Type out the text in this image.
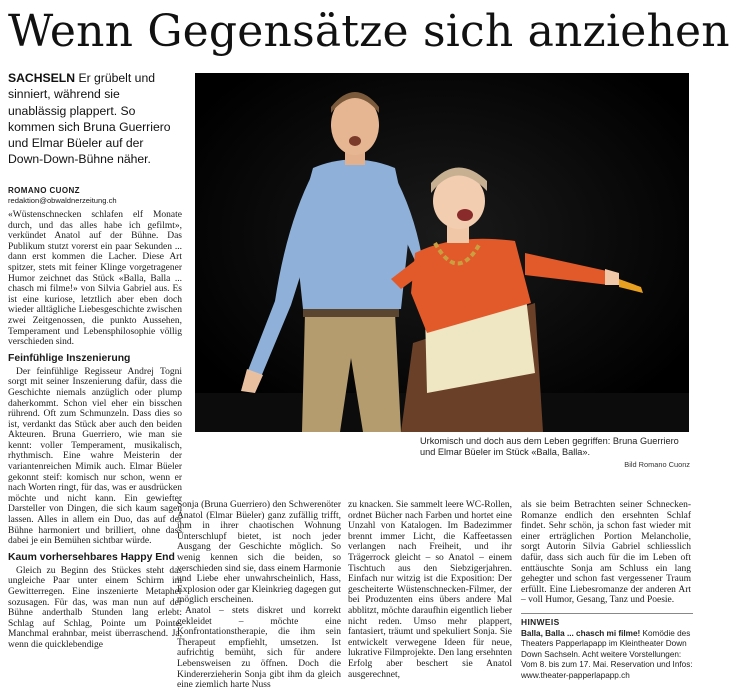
Wenn Gegensätze sich anziehen
SACHSELN Er grübelt und sinniert, während sie unablässig plappert. So kommen sich Bruna Guerriero und Elmar Büeler auf der Down-Down-Bühne näher.
ROMANO CUONZ
redaktion@obwaldnerzeitung.ch

«Wüstenschnecken schlafen elf Monate durch, und das alles habe ich gefilmt», verkündet Anatol auf der Bühne. Das Publikum stutzt vorerst ein paar Sekunden ... dann erst kommen die Lacher. Diese Art spitzer, stets mit feiner Klinge vorgetragener Humor zeichnet das Stück «Balla, Balla ... chasch mi filme!» von Silvia Gabriel aus. Es ist eine kuriose, letztlich aber eben doch wieder alltägliche Liebesgeschichte zwischen zwei Zeitgenossen, die punkto Aussehen, Temperament und Lebensphilosophie völlig verschieden sind.

Feinfühlige Inszenierung

Der feinfühlige Regisseur Andrej Togni sorgt mit seiner Inszenierung dafür, dass die Geschichte niemals anzüglich oder plump daherkommt. Schon viel eher ein bisschen rührend. Oft zum Schmunzeln. Dass dies so ist, verdankt das Stück aber auch den beiden Akteuren. Bruna Guerriero, wie man sie kennt: voller Temperament, musikalisch, rhythmisch. Eine wahre Meisterin der variantenreichen Mimik auch. Elmar Büeler gekonnt steif: komisch nur schon, wenn er nach Worten ringt, für das, was er ausdrücken möchte und nicht kann. Ein gewiefter Darsteller von Dingen, die sich kaum sagen lassen. Alles in allem ein Duo, das auf der Bühne harmoniert und brilliert, ohne dass dabei je ein Bemühen sichtbar würde.

Kaum vorhersehbares Happy End

Gleich zu Beginn des Stückes steht das ungleiche Paar unter einem Schirm im Gewitterregen. Eine inszenierte Metapher sozusagen. Für das, was man nun auf der Bühne anderthalb Stunden lang erlebt: Schlag auf Schlag, Pointe um Pointe. Manchmal erahnbar, meist überraschend. Ja, wenn die quicklebendige

Urkomisch und doch aus dem Leben gegriffen: Bruna Guerriero und Elmar Büeler im Stück «Balla, Balla».
Bild Romano Cuonz

Sonja (Bruna Guerriero) den Schwerenöter Anatol (Elmar Büeler) ganz zufällig trifft, ihm in ihrer chaotischen Wohnung Unterschlupf bietet, ist noch jeder Ausgang der Geschichte möglich. So wenig kennen sich die beiden, so verschieden sind sie, dass einem Harmonie und Liebe eher unwahrscheinlich, Hass, Explosion oder gar Kleinkrieg dagegen gut möglich erscheinen.

Anatol – stets diskret und korrekt gekleidet – möchte eine Konfrontationstherapie, die ihm sein Therapeut empfiehlt, umsetzen. Ist aufrichtig bemüht, sich für andere Lebensweisen zu öffnen. Doch die Kindererzieherin Sonja gibt ihm da gleich eine ziemlich harte Nuss

zu knacken. Sie sammelt leere WC-Rollen, ordnet Bücher nach Farben und hortet eine Unzahl von Katalogen. Im Badezimmer brennt immer Licht, die Kaffeetassen verlangen nach Freiheit, und ihr Trägerrock gleicht – so Anatol – einem Tischtuch aus den Siebzigerjahren. Einfach nur witzig ist die Exposition: Der gescheiterte Wüstenschnecken-Filmer, der bei Produzenten eins übers andere Mal abblitzt, möchte daraufhin eigentlich lieber nicht reden. Umso mehr plappert, fantasiert, träumt und spekuliert Sonja. Sie entwickelt verwegene Ideen für neue, lukrative Filmprojekte. Den lang ersehnten Erfolg aber beschert sie Anatol ausgerechnet,

als sie beim Betrachten seiner Schnecken-Romanze endlich den ersehnten Schlaf findet. Sehr schön, ja schon fast wieder mit einer erträglichen Portion Melancholie, sorgt Autorin Silvia Gabriel schliesslich dafür, dass sich auch für die im Leben oft enttäuschte Sonja am Schluss ein lang gehegter und schon fast vergessener Traum erfüllt. Eine Liebesromanze der anderen Art – voll Humor, Gesang, Tanz und Poesie.

HINWEIS
Balla, Balla ... chasch mi filme! Komödie des Theaters Papperlapapp im Kleintheater Down Down Sachseln. Acht weitere Vorstellungen: Vom 8. bis zum 17. Mai. Reservation und Infos: www.theater-papperlapapp.ch
